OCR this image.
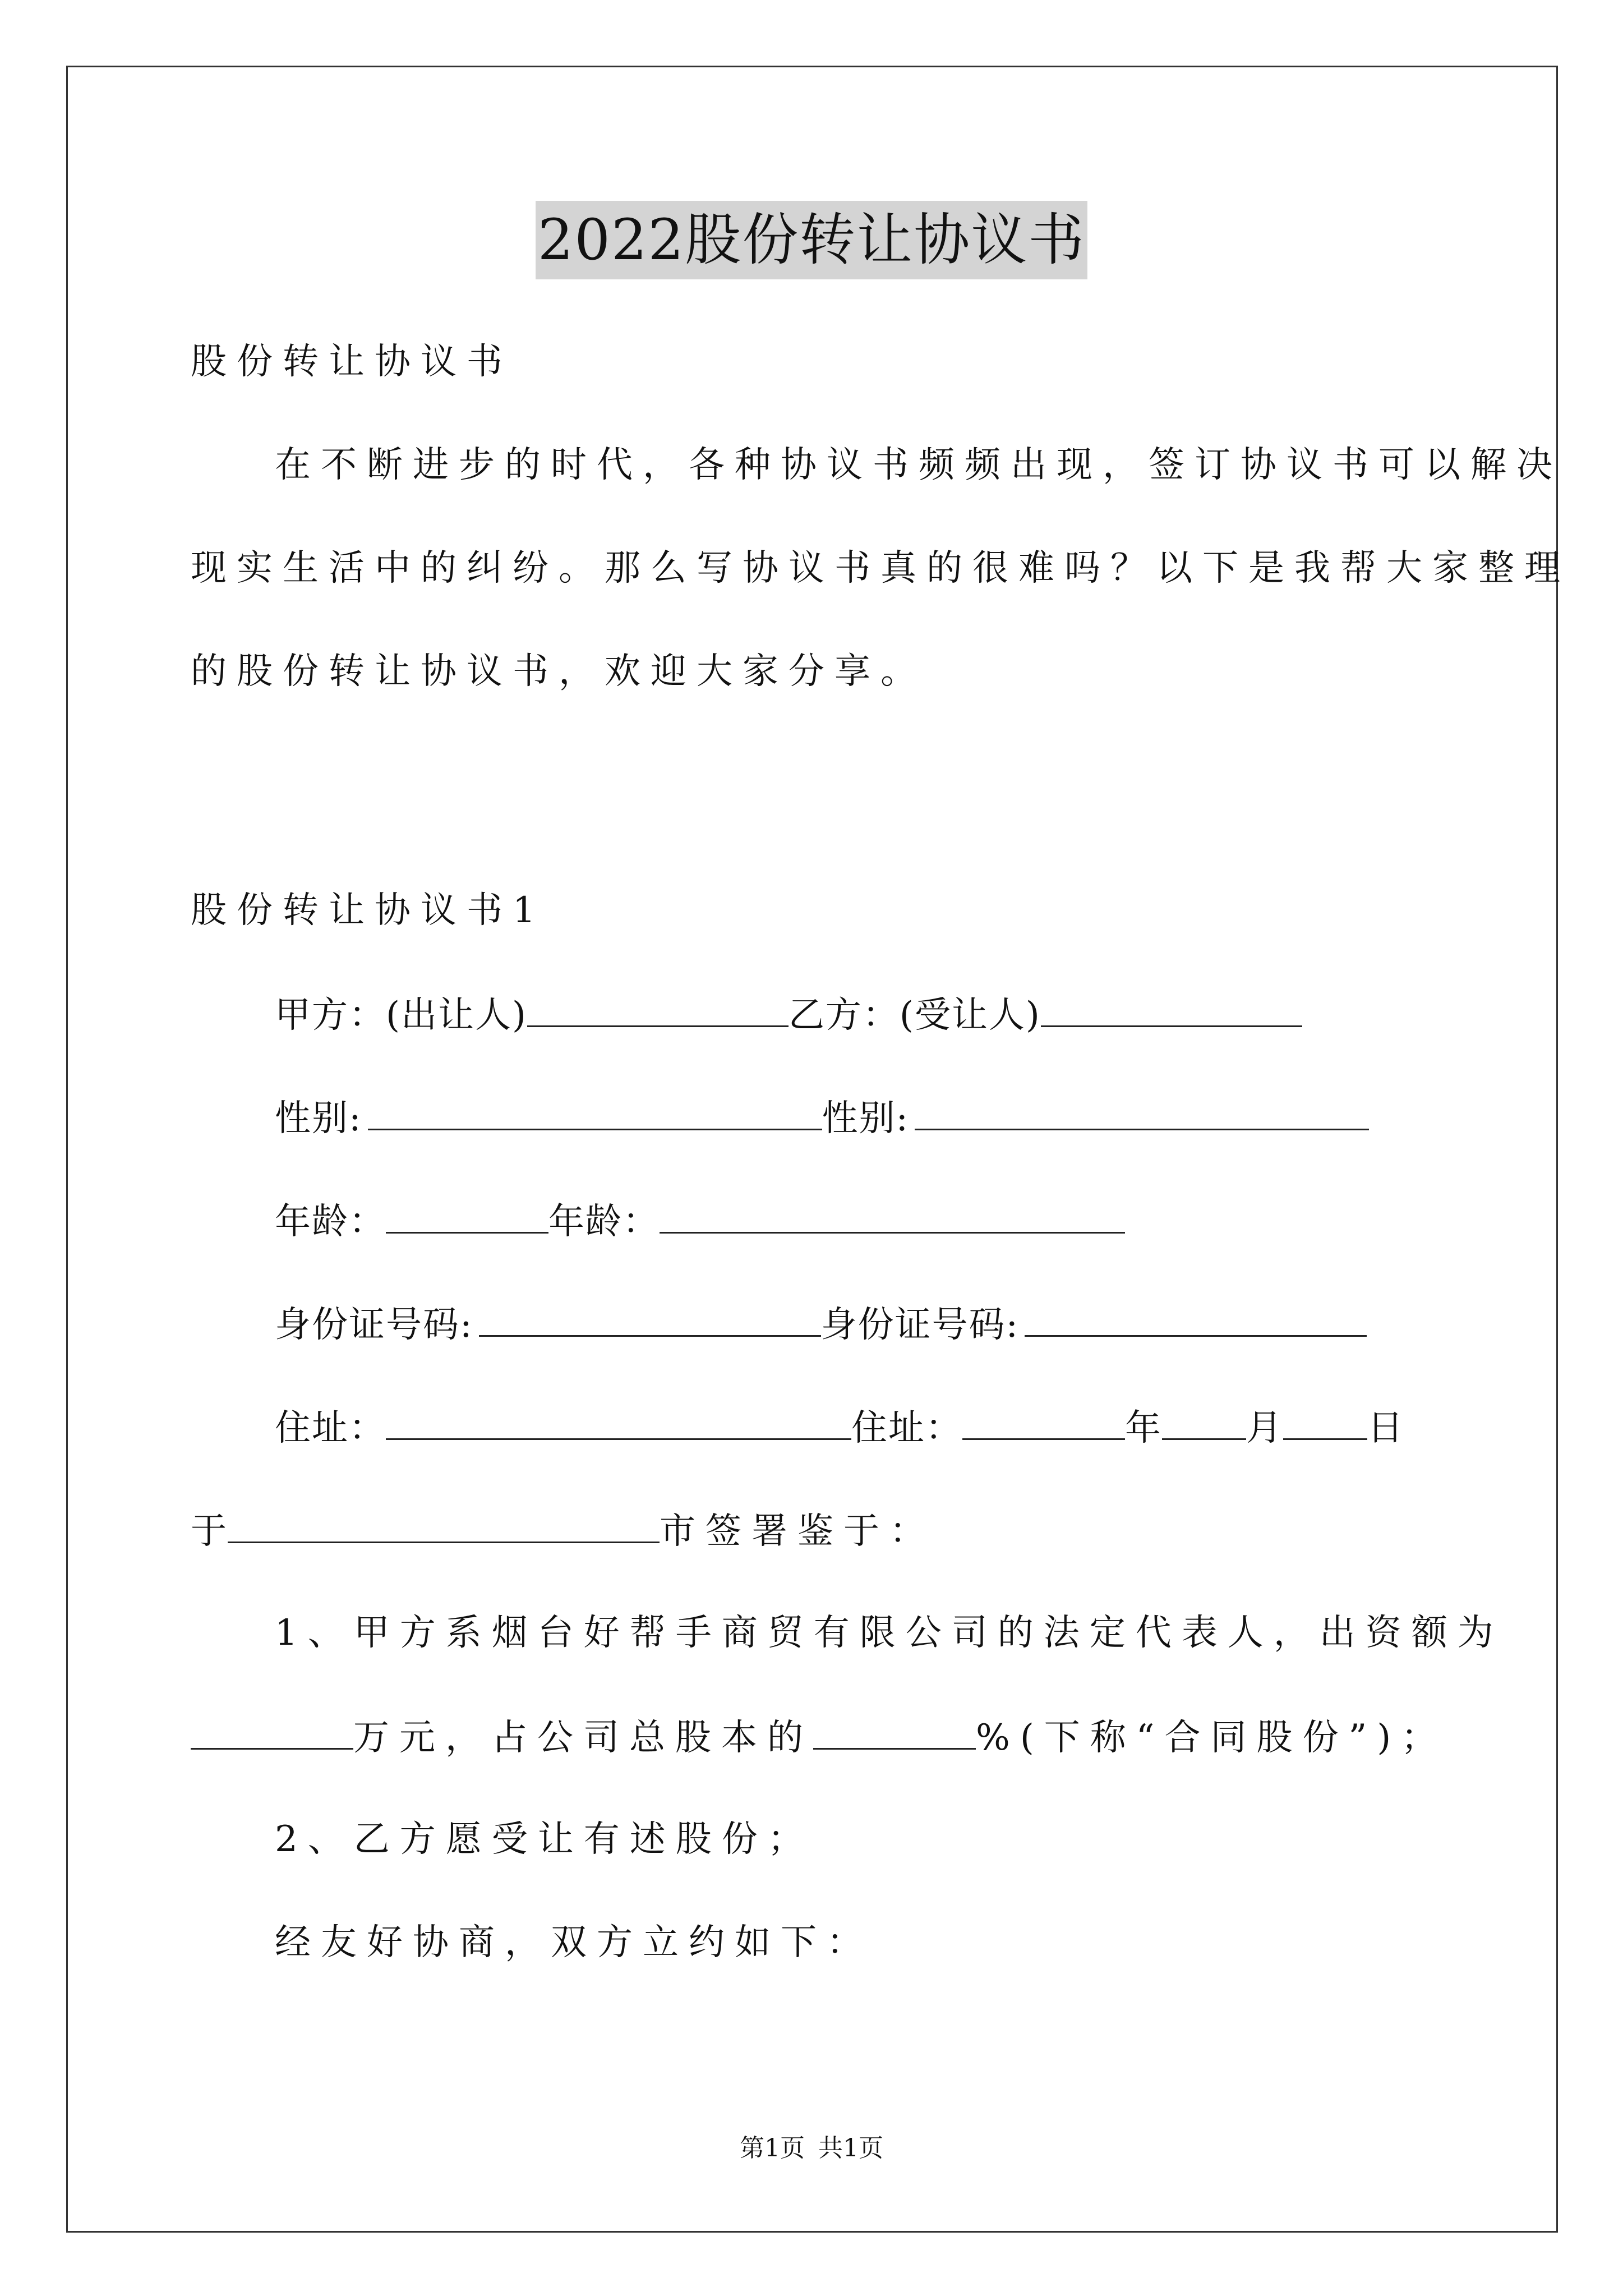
2022股份转让协议书
股份转让协议书
在不断进步的时代，各种协议书频频出现，签订协议书可以解决
现实生活中的纠纷。那么写协议书真的很难吗？以下是我帮大家整理
的股份转让协议书，欢迎大家分享。
股份转让协议书1
甲方：(出让人)	乙方：(受让人)
性别:	性别:
年龄：	年龄：
身份证号码:	身份证号码:
住址：	住址：	年 月 日
于	市签署鉴于：
1、甲方系烟台好帮手商贸有限公司的法定代表人，出资额为
万元，占公司总股本的	%(下称“合同股份”)；
2、乙方愿受让有述股份；
经友好协商，双方立约如下：
第1页 共1页
